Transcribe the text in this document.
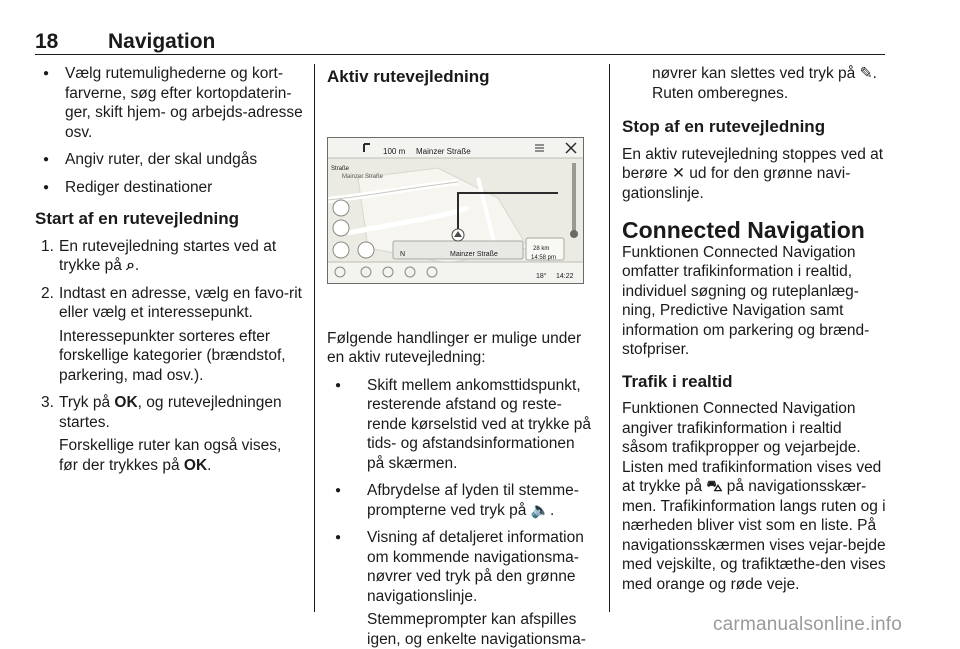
18 Navigation

● Vælg rutemulighederne og kort-farverne, søg efter kortopdaterin-ger, skift hjem- og arbejds-adresse osv.

● Angiv ruter, der skal undgås

● Rediger destinationer

Start af en rutevejledning

1. En rutevejledning startes ved at trykke på ⌕.

2. Indtast en adresse, vælg en favo-rit eller vælg et interessepunkt.

Interessepunkter sorteres efter forskellige kategorier (brændstof, parkering, mad osv.).

3. Tryk på OK, og rutevejledningen startes.

Forskellige ruter kan også vises, før der trykkes på OK.

Aktiv rutevejledning
100 m Mainzer Straße
Straße
Mainzer Straße
N	Mainzer Straße
28 km
14:58 pm
18° 14:22

Følgende handlinger er mulige under en aktiv rutevejledning:

● Skift mellem ankomsttidspunkt, resterende afstand og reste-rende kørselstid ved at trykke på tids- og afstandsinformationen på skærmen.

● Afbrydelse af lyden til stemme-prompterne ved tryk på 🔈.

● Visning af detaljeret information om kommende navigationsma-nøvrer ved tryk på den grønne navigationslinje.

Stemmeprompter kan afspilles igen, og enkelte navigationsma-

nøvrer kan slettes ved tryk på ✎.

Ruten omberegnes.

Stop af en rutevejledning

En aktiv rutevejledning stoppes ved at berøre ✕ ud for den grønne navi-gationslinje.

Connected Navigation

Funktionen Connected Navigation omfatter trafikinformation i realtid, individuel søgning og ruteplanlæg-ning, Predictive Navigation samt information om parkering og brænd-stofpriser.

Trafik i realtid

Funktionen Connected Navigation angiver trafikinformation i realtid såsom trafikpropper og vejarbejde. Listen med trafikinformation vises ved at trykke på ⛍ på navigationsskær-men. Trafikinformation langs ruten og i nærheden bliver vist som en liste. På navigationsskærmen vises vejar-bejde med vejskilte, og trafiktæthe-den vises med orange og røde veje.

carmanualsonline.info
